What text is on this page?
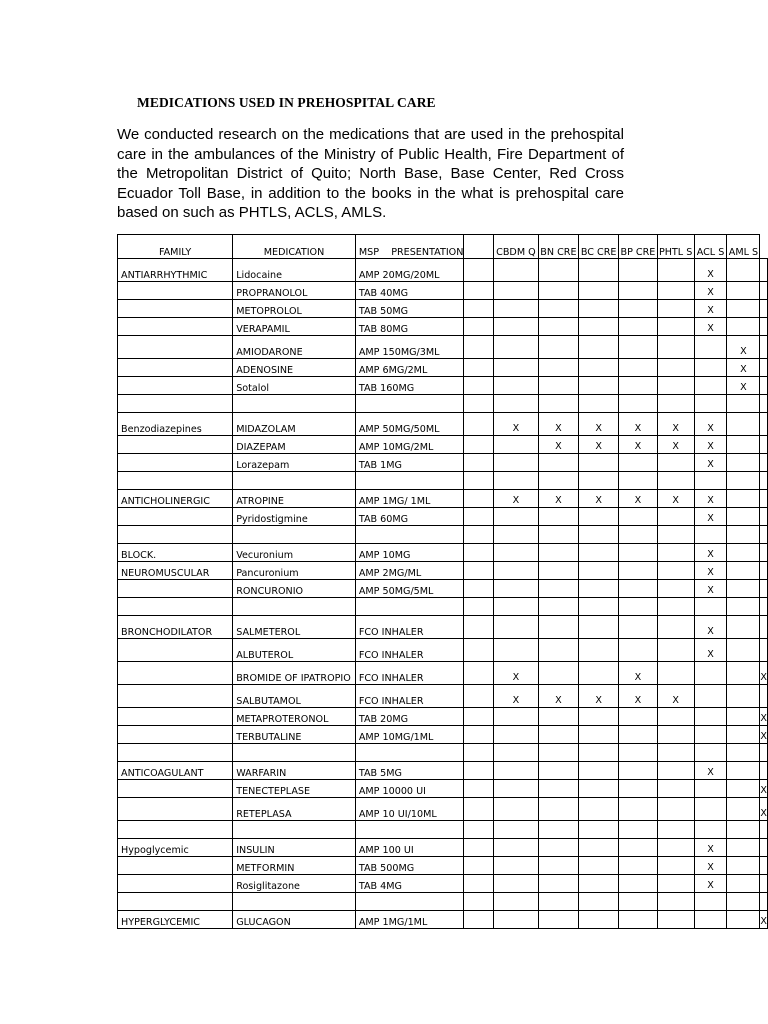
MEDICATIONS USED IN PREHOSPITAL CARE
We conducted research on the medications that are used in the prehospital care in the ambulances of the Ministry of Public Health, Fire Department of the Metropolitan District of Quito; North Base, Base Center, Red Cross Ecuador Toll Base, in addition to the books in the what is prehospital care based on such as PHTLS, ACLS, AMLS.
FAMILY	MEDICATION	MSP    PRESENTATION		CBDM Q	BN CRE	BC CRE	BP CRE	PHTL S	ACL S	AML S	
ANTIARRHYTHMIC	Lidocaine	AMP 20MG/20ML							X		
	PROPRANOLOL	TAB 40MG							X		
	METOPROLOL	TAB 50MG							X		
	VERAPAMIL	TAB 80MG							X		
	AMIODARONE	AMP 150MG/3ML								X	
	ADENOSINE	AMP 6MG/2ML								X	
	Sotalol	TAB 160MG								X	

Benzodiazepines	MIDAZOLAM	AMP 50MG/50ML		X	X	X	X	X	X		
	DIAZEPAM	AMP 10MG/2ML			X	X	X	X	X		
	Lorazepam	TAB 1MG							X		

ANTICHOLINERGIC	ATROPINE	AMP 1MG/ 1ML		X	X	X	X	X	X		
	Pyridostigmine	TAB 60MG							X		

BLOCK.	Vecuronium	AMP 10MG							X		
NEUROMUSCULAR	Pancuronium	AMP 2MG/ML							X		
	RONCURONIO	AMP 50MG/5ML							X		

BRONCHODILATOR	SALMETEROL	FCO INHALER							X		
	ALBUTEROL	FCO INHALER							X		
	BROMIDE OF IPATROPIO	FCO INHALER		X			X				X
	SALBUTAMOL	FCO INHALER		X	X	X	X	X			
	METAPROTERONOL	TAB 20MG									X
	TERBUTALINE	AMP 10MG/1ML									X

ANTICOAGULANT	WARFARIN	TAB 5MG							X		
	TENECTEPLASE	AMP 10000 UI									X
	RETEPLASA	AMP 10 UI/10ML									X

Hypoglycemic	INSULIN	AMP 100 UI							X		
	METFORMIN	TAB 500MG							X		
	Rosiglitazone	TAB 4MG							X		

HYPERGLYCEMIC	GLUCAGON	AMP 1MG/1ML									X
